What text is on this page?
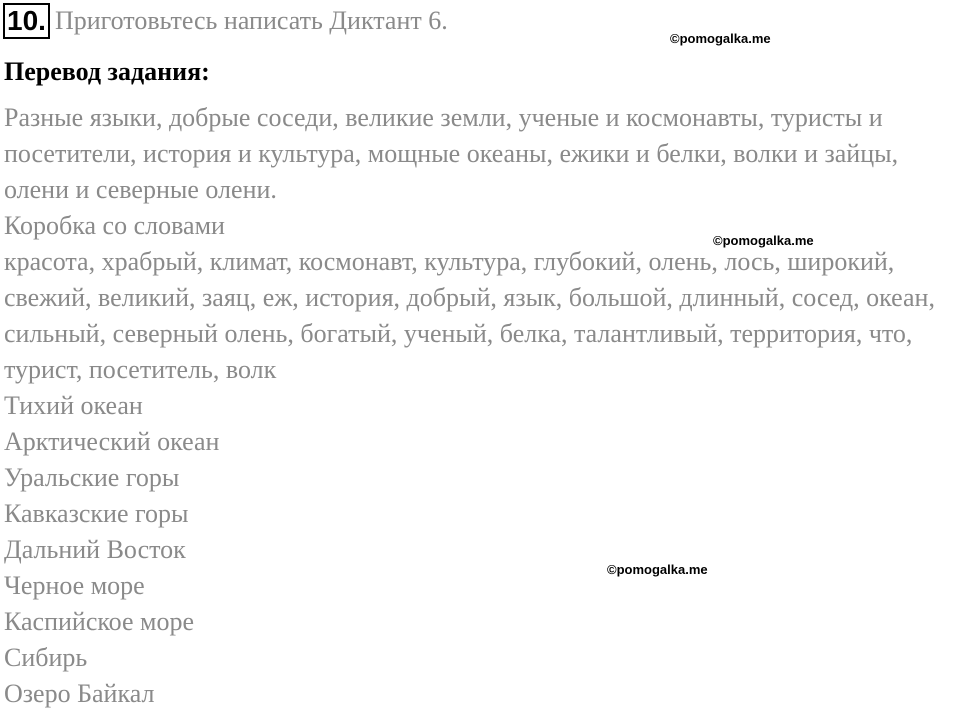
10. Приготовьтесь написать Диктант 6.
©pomogalka.me
Перевод задания:

Разные языки, добрые соседи, великие земли, ученые и космонавты, туристы и посетители, история и культура, мощные океаны, ежики и белки, волки и зайцы, олени и северные олени.

Коробка со словами

красота, храбрый, климат, космонавт, культура, глубокий, олень, лось, широкий, свежий, великий, заяц, еж, история, добрый, язык, большой, длинный, сосед, океан, сильный, северный олень, богатый, ученый, белка, талантливый, территория, что, турист, посетитель, волк

Тихий океан

Арктический океан

Уральские горы

Кавказские горы

Дальний Восток

Черное море

Каспийское море

Сибирь

Озеро Байкал

©pomogalka.me
©pomogalka.me
